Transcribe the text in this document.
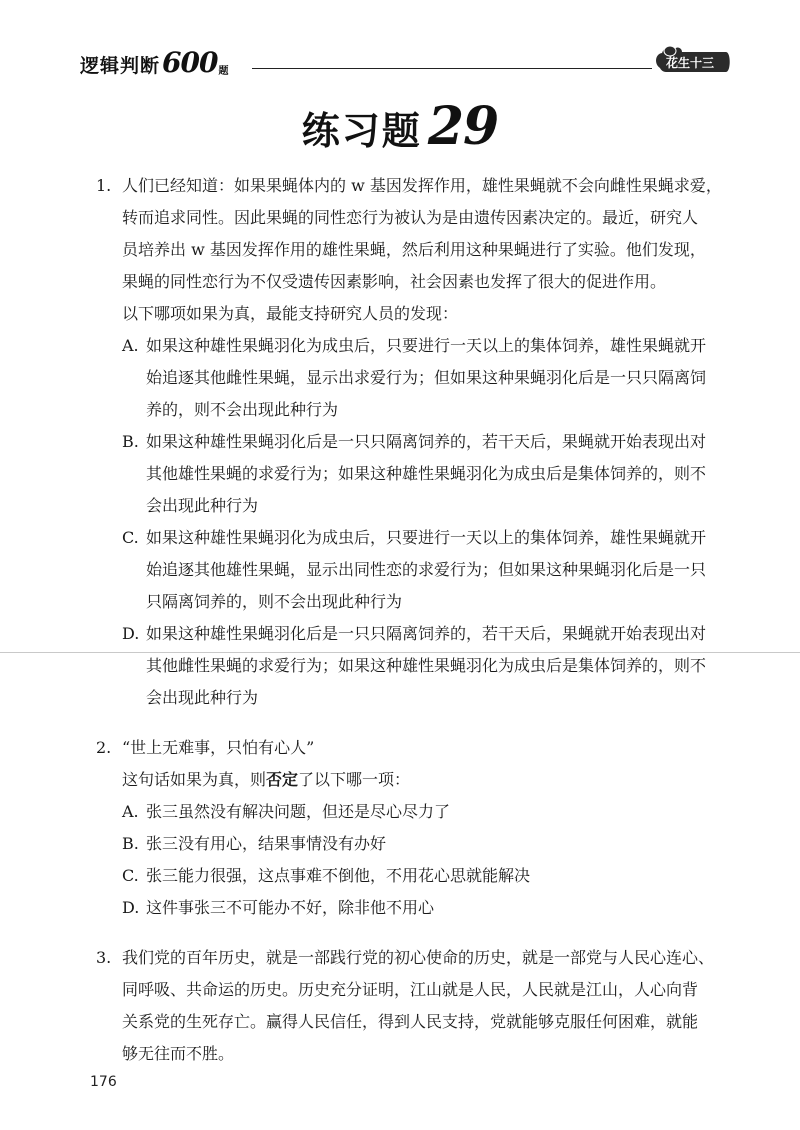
逻辑判断600题
花生十三
练习题 29
1. 人们已经知道：如果果蝇体内的 w 基因发挥作用，雄性果蝇就不会向雌性果蝇求爱，
转而追求同性。因此果蝇的同性恋行为被认为是由遗传因素决定的。最近，研究人
员培养出 w 基因发挥作用的雄性果蝇，然后利用这种果蝇进行了实验。他们发现，
果蝇的同性恋行为不仅受遗传因素影响，社会因素也发挥了很大的促进作用。
以下哪项如果为真，最能支持研究人员的发现：
A. 如果这种雄性果蝇羽化为成虫后，只要进行一天以上的集体饲养，雄性果蝇就开
始追逐其他雌性果蝇，显示出求爱行为；但如果这种果蝇羽化后是一只只隔离饲
养的，则不会出现此种行为
B. 如果这种雄性果蝇羽化后是一只只隔离饲养的，若干天后，果蝇就开始表现出对
其他雄性果蝇的求爱行为；如果这种雄性果蝇羽化为成虫后是集体饲养的，则不
会出现此种行为
C. 如果这种雄性果蝇羽化为成虫后，只要进行一天以上的集体饲养，雄性果蝇就开
始追逐其他雄性果蝇，显示出同性恋的求爱行为；但如果这种果蝇羽化后是一只
只隔离饲养的，则不会出现此种行为
D. 如果这种雄性果蝇羽化后是一只只隔离饲养的，若干天后，果蝇就开始表现出对
其他雌性果蝇的求爱行为；如果这种雄性果蝇羽化为成虫后是集体饲养的，则不
会出现此种行为
2. “世上无难事，只怕有心人”
这句话如果为真，则否定了以下哪一项：
A. 张三虽然没有解决问题，但还是尽心尽力了
B. 张三没有用心，结果事情没有办好
C. 张三能力很强，这点事难不倒他，不用花心思就能解决
D. 这件事张三不可能办不好，除非他不用心
3. 我们党的百年历史，就是一部践行党的初心使命的历史，就是一部党与人民心连心、
同呼吸、共命运的历史。历史充分证明，江山就是人民，人民就是江山，人心向背
关系党的生死存亡。赢得人民信任，得到人民支持，党就能够克服任何困难，就能
够无往而不胜。
176
